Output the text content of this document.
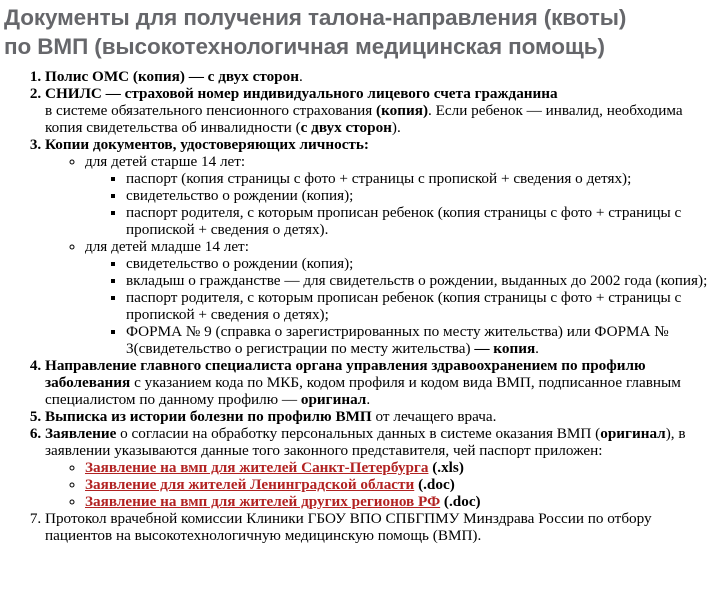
Документы для получения талона-направления (квоты)
по ВМП (высокотехнологичная медицинская помощь)
1. Полис ОМС (копия) — с двух сторон.
2. СНИЛС — страховой номер индивидуального лицевого счета гражданина
в системе обязательного пенсионного страхования (копия). Если ребенок — инвалид, необходима копия свидетельства об инвалидности (с двух сторон).
3. Копии документов, удостоверяющих личность:
◦ для детей старше 14 лет:
▪ паспорт (копия страницы с фото + страницы с пропиской + сведения о детях);
▪ свидетельство о рождении (копия);
▪ паспорт родителя, с которым прописан ребенок (копия страницы с фото + страницы с пропиской + сведения о детях).
◦ для детей младше 14 лет:
▪ свидетельство о рождении (копия);
▪ вкладыш о гражданстве — для свидетельств о рождении, выданных до 2002 года (копия);
▪ паспорт родителя, с которым прописан ребенок (копия страницы с фото + страницы с пропиской + сведения о детях);
▪ ФОРМА № 9 (справка о зарегистрированных по месту жительства) или ФОРМА № 3(свидетельство о регистрации по месту жительства) — копия.
4. Направление главного специалиста органа управления здравоохранением по профилю заболевания с указанием кода по МКБ, кодом профиля и кодом вида ВМП, подписанное главным специалистом по данному профилю — оригинал.
5. Выписка из истории болезни по профилю ВМП от лечащего врача.
6. Заявление о согласии на обработку персональных данных в системе оказания ВМП (оригинал), в заявлении указываются данные того законного представителя, чей паспорт приложен:
◦ Заявление на вмп для жителей Санкт-Петербурга (.xls)
◦ Заявление для жителей Ленинградской области (.doc)
◦ Заявление на вмп для жителей других регионов РФ (.doc)
7. Протокол врачебной комиссии Клиники ГБОУ ВПО СПБГПМУ Минздрава России по отбору пациентов на высокотехнологичную медицинскую помощь (ВМП).
